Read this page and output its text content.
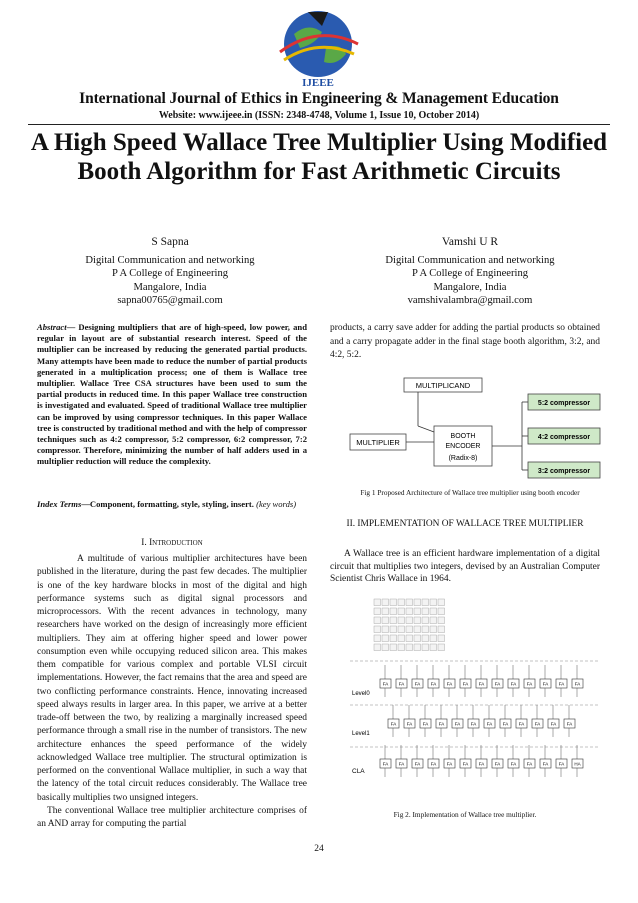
IJEEE
International Journal of Ethics in Engineering & Management Education
Website: www.ijeee.in (ISSN: 2348-4748, Volume 1, Issue 10, October 2014)
A High Speed Wallace Tree Multiplier Using Modified Booth Algorithm for Fast Arithmetic Circuits
S Sapna
Digital Communication and networking
P A College of Engineering
Mangalore, India
sapna00765@gmail.com
Vamshi U R
Digital Communication and networking
P A College of Engineering
Mangalore, India
vamshivalambra@gmail.com
Abstract— Designing multipliers that are of high-speed, low power, and regular in layout are of substantial research interest. Speed of the multiplier can be increased by reducing the generated partial products. Many attempts have been made to reduce the number of partial products generated in a multiplication process; one of them is Wallace tree multiplier. Wallace Tree CSA structures have been used to sum the partial products in reduced time. In this paper Wallace tree construction is investigated and evaluated. Speed of traditional Wallace tree multiplier can be improved by using compressor techniques. In this paper Wallace tree is constructed by traditional method and with the help of compressor techniques such as 4:2 compressor, 5:2 compressor, 6:2 compressor, 7:2 compressor. Therefore, minimizing the number of half adders used in a multiplier reduction will reduce the complexity.
Index Terms—Component, formatting, style, styling, insert. (key words)
I. Introduction

A multitude of various multiplier architectures have been published in the literature, during the past few decades. The multiplier is one of the key hardware blocks in most of the digital and high performance systems such as digital signal processors and microprocessors. With the recent advances in technology, many researchers have worked on the design of increasingly more efficient multipliers. They aim at offering higher speed and lower power consumption even while occupying reduced silicon area. This makes them compatible for various complex and portable VLSI circuit implementations. However, the fact remains that the area and speed are two conflicting performance constraints. Hence, innovating increased speed always results in larger area. In this paper, we arrive at a better trade-off between the two, by realizing a marginally increased speed performance through a small rise in the number of transistors. The new architecture enhances the speed performance of the widely acknowledged Wallace tree multiplier. The structural optimization is performed on the conventional Wallace multiplier, in such a way that the latency of the total circuit reduces considerably. The Wallace tree basically multiplies two unsigned integers.

The conventional Wallace tree multiplier architecture comprises of an AND array for computing the partial

products, a carry save adder for adding the partial products so obtained and a carry propagate adder in the final stage booth algorithm, 3:2, and 4:2, 5:2.
MULTIPLICAND
MULTIPLIER
BOOTH
ENCODER
(Radix-8)
5:2 compressor
4:2 compressor
3:2 compressor
Fig 1 Proposed Architecture of Wallace tree multiplier using booth encoder
II. IMPLEMENTATION OF WALLACE TREE MULTIPLIER

A Wallace tree is an efficient hardware implementation of a digital circuit that multiplies two integers, devised by an Australian Computer Scientist Chris Wallace in 1964.

Level0
Level1
CLA
FA FA FA FA FA FA FA FA FA FA FA FA FA
FA FA FA FA FA FA FA FA FA FA FA FA
FA FA FA FA FA FA FA FA FA FA FA FA HA
Fig 2. Implementation of Wallace tree multiplier.
24
